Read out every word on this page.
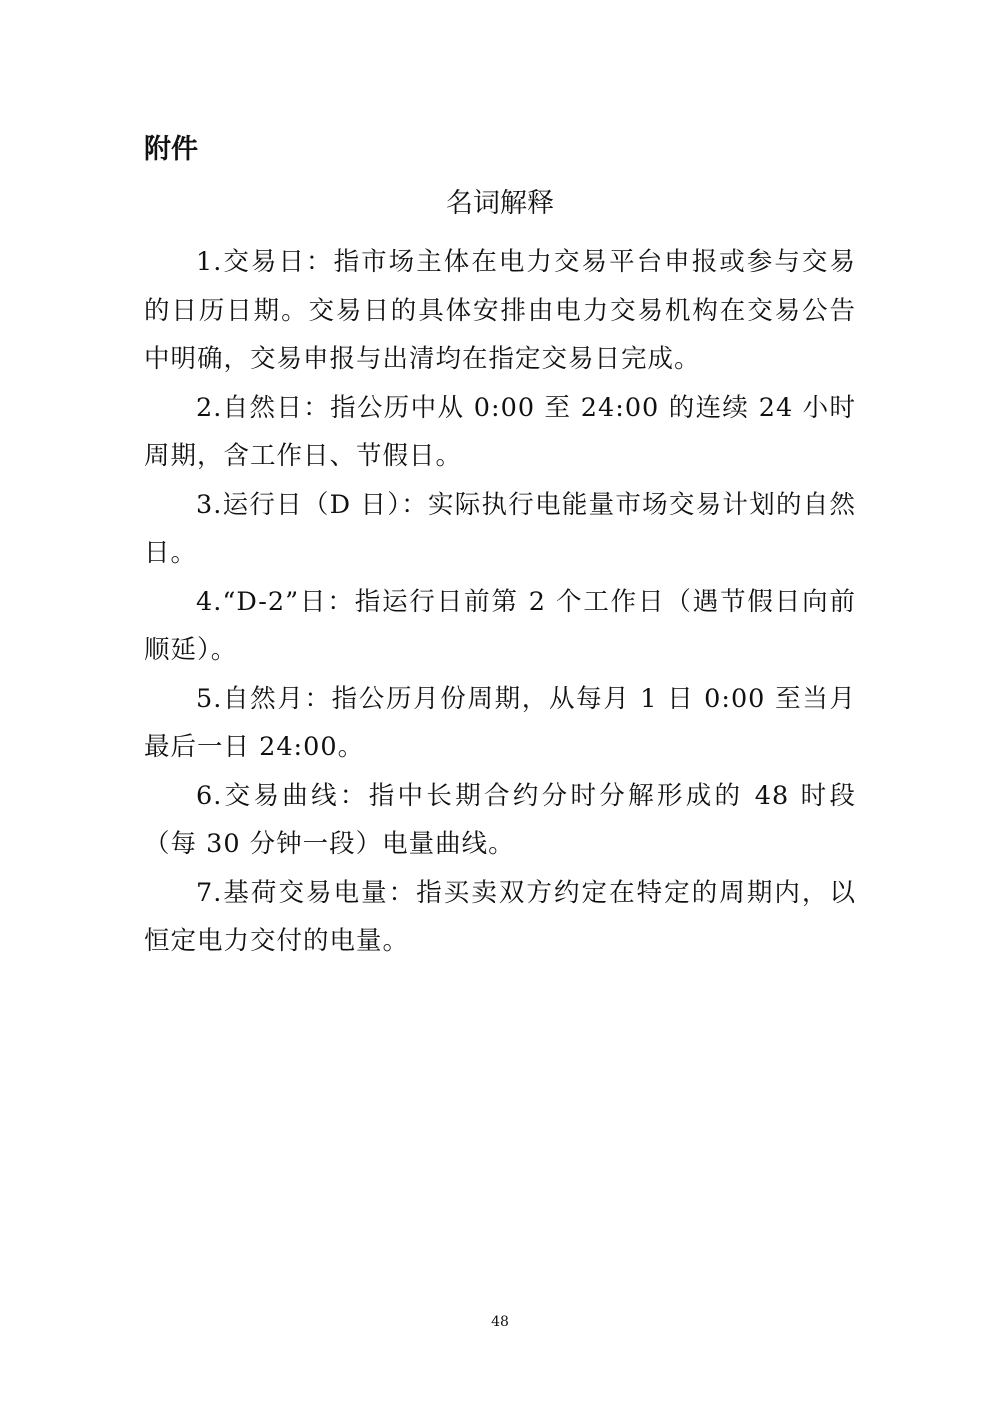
附件

名词解释

1.交易日：指市场主体在电力交易平台申报或参与交易的日历日期。交易日的具体安排由电力交易机构在交易公告中明确，交易申报与出清均在指定交易日完成。

2.自然日：指公历中从 0:00 至 24:00 的连续 24 小时周期，含工作日、节假日。

3.运行日（D 日）：实际执行电能量市场交易计划的自然日。

4.“D-2”日：指运行日前第 2 个工作日（遇节假日向前顺延）。

5.自然月：指公历月份周期，从每月 1 日 0:00 至当月最后一日 24:00。

6.交易曲线：指中长期合约分时分解形成的 48 时段（每 30 分钟一段）电量曲线。

7.基荷交易电量：指买卖双方约定在特定的周期内，以恒定电力交付的电量。

48
